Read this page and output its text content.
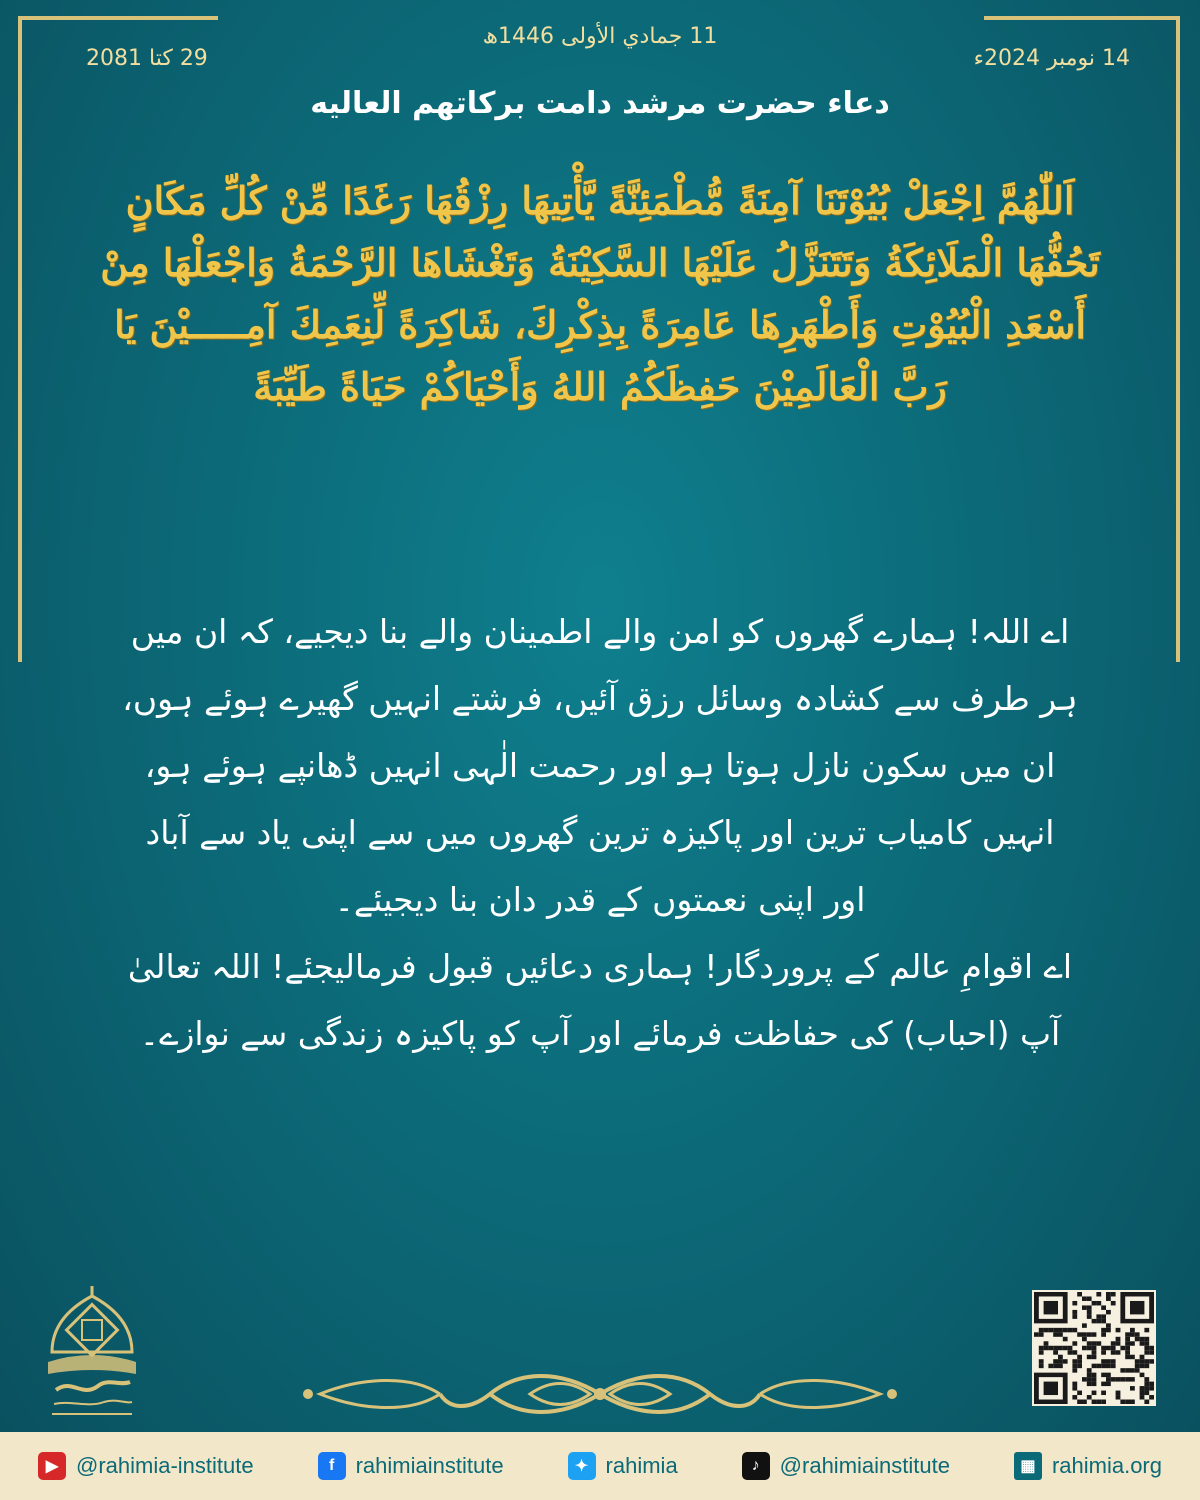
29 کتا 2081
11 جمادي الأولى 1446ھ
14 نومبر 2024ء
دعاء حضرت مرشد دامت برکاتهم العالیه
اَللّٰهُمَّ اِجْعَلْ بُيُوْتَنَا آمِنَةً مُّطْمَئِنَّةً يَّأْتِيهَا رِزْقُهَا رَغَدًا مِّنْ كُلِّ مَكَانٍ تَحُفُّهَا الْمَلَائِكَةُ وَتَتَنَزَّلُ عَلَيْهَا السَّكِيْنَةُ وَتَغْشَاهَا الرَّحْمَةُ وَاجْعَلْهَا مِنْ أَسْعَدِ الْبُيُوْتِ وَأَطْهَرِهَا عَامِرَةً بِذِكْرِكَ، شَاكِرَةً لِّنِعَمِكَ آمِـــــيْنَ يَا رَبَّ الْعَالَمِيْنَ حَفِظَكُمُ اللهُ وَأَحْيَاكُمْ حَيَاةً طَيِّبَةً

اے اللہ! ہمارے گھروں کو امن والے اطمینان والے بنا دیجیے، کہ ان میں ہر طرف سے کشادہ وسائل رزق آئیں، فرشتے انہیں گھیرے ہوئے ہوں، ان میں سکون نازل ہوتا ہو اور رحمت الٰہی انہیں ڈھانپے ہوئے ہو، انہیں کامیاب ترین اور پاکیزہ ترین گھروں میں سے اپنی یاد سے آباد اور اپنی نعمتوں کے قدر دان بنا دیجیئے۔

اے اقوامِ عالم کے پروردگار! ہماری دعائیں قبول فرمالیجئے! اللہ تعالیٰ آپ (احباب) کی حفاظت فرمائے اور آپ کو پاکیزہ زندگی سے نوازے۔

▶ @rahimia-institute	f rahimiainstitute	✦ rahimia	♪ @rahimiainstitute	▦ rahimia.org
